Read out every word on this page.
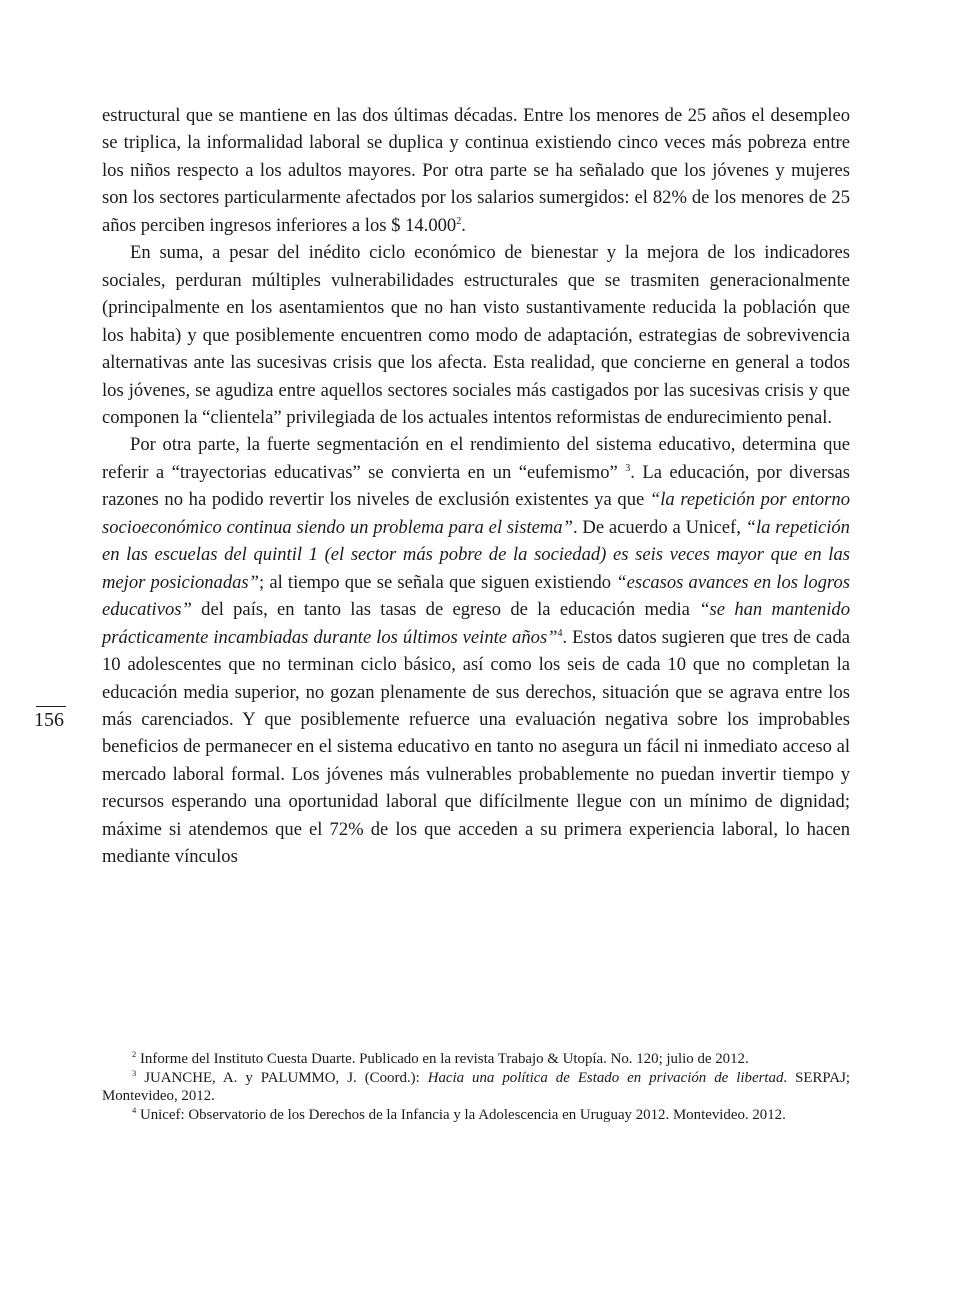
estructural que se mantiene en las dos últimas décadas. Entre los menores de 25 años el desempleo se triplica, la informalidad laboral se duplica y continua existiendo cinco veces más pobreza entre los niños respecto a los adultos mayores. Por otra parte se ha señalado que los jóvenes y mujeres son los sectores particularmente afectados por los salarios sumergidos: el 82% de los menores de 25 años perciben ingresos inferiores a los $ 14.000$^2$.

En suma, a pesar del inédito ciclo económico de bienestar y la mejora de los indicadores sociales, perduran múltiples vulnerabilidades estructurales que se trasmiten generacionalmente (principalmente en los asentamientos que no han visto sustantivamente reducida la población que los habita) y que posiblemente encuentren como modo de adaptación, estrategias de sobrevivencia alternativas ante las sucesivas crisis que los afecta. Esta realidad, que concierne en general a todos los jóvenes, se agudiza entre aquellos sectores sociales más castigados por las sucesivas crisis y que componen la “clientela” privilegiada de los actuales intentos reformistas de endurecimiento penal.

Por otra parte, la fuerte segmentación en el rendimiento del sistema educativo, determina que referir a “trayectorias educativas” se convierta en un “eufemismo” $^3$. La educación, por diversas razones no ha podido revertir los niveles de exclusión existentes ya que “la repetición por entorno socioeconómico continua siendo un problema para el sistema”. De acuerdo a Unicef, “la repetición en las escuelas del quintil 1 (el sector más pobre de la sociedad) es seis veces mayor que en las mejor posicionadas”; al tiempo que se señala que siguen existiendo “escasos avances en los logros educativos” del país, en tanto las tasas de egreso de la educación media “se han mantenido prácticamente incambiadas durante los últimos veinte años”$^4$. Estos datos sugieren que tres de cada 10 adolescentes que no terminan ciclo básico, así como los seis de cada 10 que no completan la educación media superior, no gozan plenamente de sus derechos, situación que se agrava entre los más carenciados. Y que posiblemente refuerce una evaluación negativa sobre los improbables beneficios de permanecer en el sistema educativo en tanto no asegura un fácil ni inmediato acceso al mercado laboral formal. Los jóvenes más vulnerables probablemente no puedan invertir tiempo y recursos esperando una oportunidad laboral que difícilmente llegue con un mínimo de dignidad; máxime si atendemos que el 72% de los que acceden a su primera experiencia laboral, lo hacen mediante vínculos

156

$^2$ Informe del Instituto Cuesta Duarte. Publicado en la revista Trabajo & Utopía. No. 120; julio de 2012.

$^3$ JUANCHE, A. y PALUMMO, J. (Coord.): Hacia una política de Estado en privación de libertad. SERPAJ; Montevideo, 2012.

$^4$ Unicef: Observatorio de los Derechos de la Infancia y la Adolescencia en Uruguay 2012. Montevideo. 2012.
